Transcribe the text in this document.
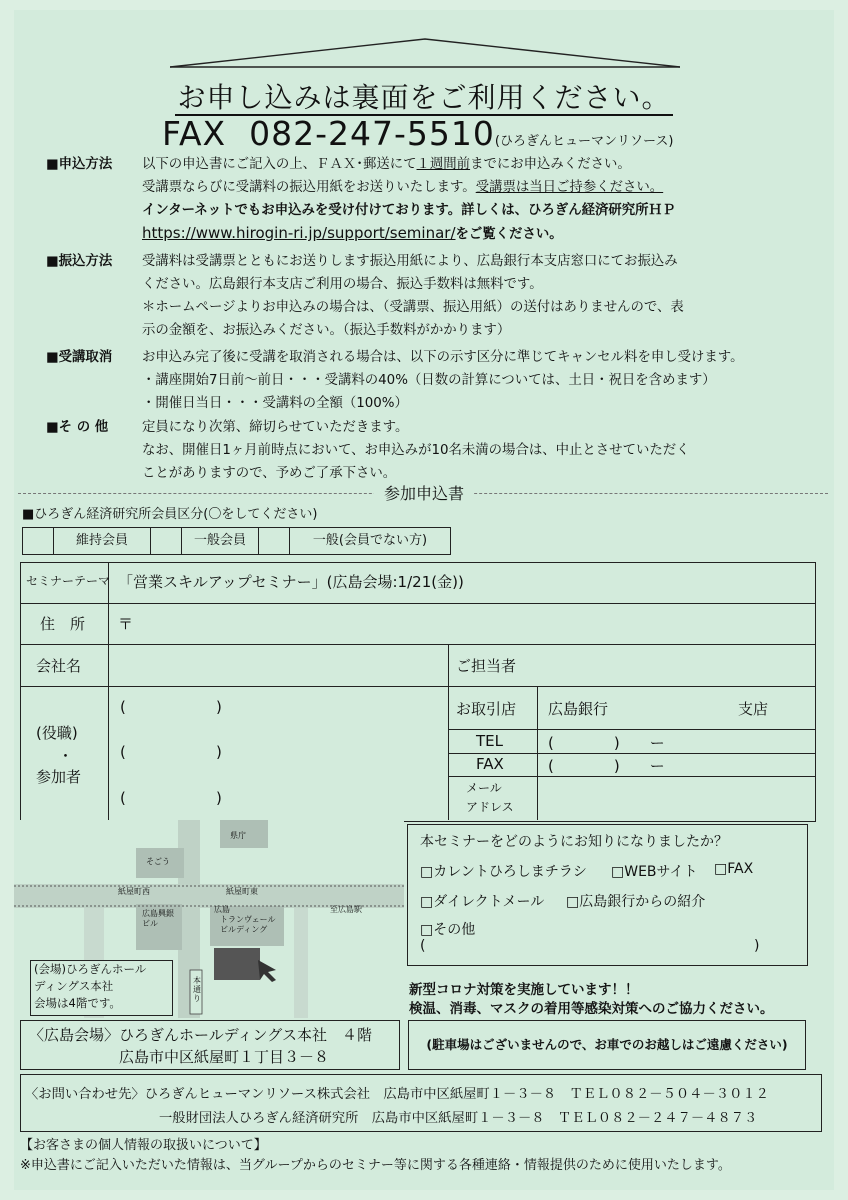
お申し込みは裏面をご利用ください。
FAX 082-247-5510(ひろぎんヒューマンリソース)
■申込方法 以下の申込書にご記入の上、ＦＡＸ･郵送にて１週間前までにお申込みください。
受講票ならびに受講料の振込用紙をお送りいたします。受講票は当日ご持参ください。
インターネットでもお申込みを受け付けております。詳しくは、ひろぎん経済研究所ＨＰ
https://www.hirogin-ri.jp/support/seminar/をご覧ください。
■振込方法 受講料は受講票とともにお送りします振込用紙により、広島銀行本支店窓口にてお振込み
ください。広島銀行本支店ご利用の場合、振込手数料は無料です。
＊ホームページよりお申込みの場合は、（受講票、振込用紙）の送付はありませんので、表
示の金額を、お振込みください。（振込手数料がかかります）
■受講取消 お申込み完了後に受講を取消される場合は、以下の示す区分に準じてキャンセル料を申し受けます。
・講座開始7日前〜前日・・・受講料の40%（日数の計算については、土日・祝日を含めます）
・開催日当日・・・受講料の全額（100%）
■そ の 他	定員になり次第、締切らせていただきます。
なお、開催日1ヶ月前時点において、お申込みが10名未満の場合は、中止とさせていただく
ことがありますので、予めご了承下さい。
参加申込書
■ひろぎん経済研究所会員区分(〇をしてください)
維持会員	一般会員	一般(会員でない方)
セミナーテーマ 「営業スキルアップセミナー」(広島会場:1/21(金))
住　所 〒
会社名	ご担当者
(役職)
・
参加者
(	)
(	)
(	)
お取引店 広島銀行	支店
TEL	(　　　　)　　ー
FAX	(　　　　)　　ー
メール
アドレス
県庁
そごう
紙屋町西	紙屋町東
広島興銀
ビル
広島
トランヴェール
ビルディング
至広島駅
本通り
(会場)ひろぎんホール
ディングス本社
会場は4階です。
本セミナーをどのようにお知りになりましたか？
□カレントひろしまチラシ □WEBサイト □FAX
□ダイレクトメール □広島銀行からの紹介
□その他
(	)
新型コロナ対策を実施しています！！
検温、消毒、マスクの着用等感染対策へのご協力ください。
〈広島会場〉ひろぎんホールディングス本社　４階
広島市中区紙屋町１丁目３－８
(駐車場はございませんので、お車でのお越しはご遠慮ください)
〈お問い合わせ先〉ひろぎんヒューマンリソース株式会社　広島市中区紙屋町１－３－８　ＴＥＬ０８２－５０４－３０１２
一般財団法人ひろぎん経済研究所　広島市中区紙屋町１－３－８　ＴＥＬ０８２－２４７－４８７３
【お客さまの個人情報の取扱いについて】
※申込書にご記入いただいた情報は、当グループからのセミナー等に関する各種連絡・情報提供のために使用いたします。
